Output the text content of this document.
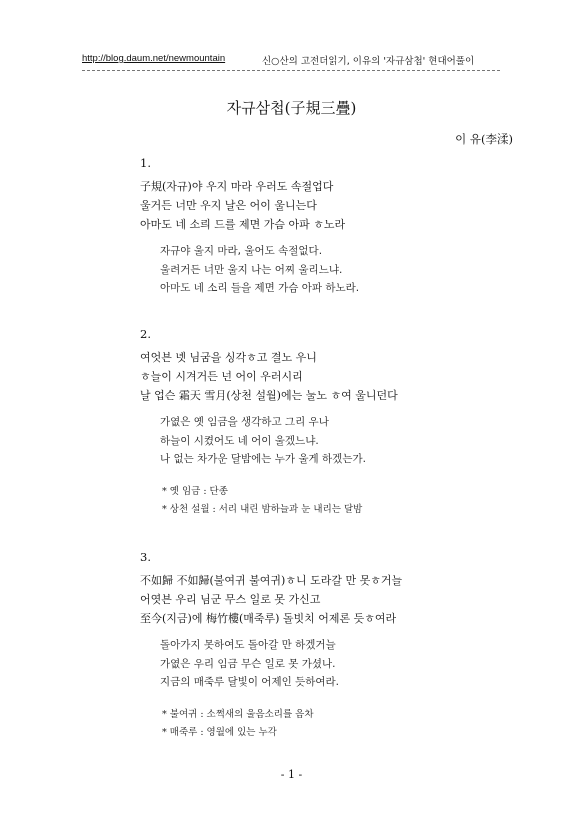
http://blog.daum.net/newmountain	신○산의 고전더읽기, 이유의 '자규삼첩' 현대어풀이
자규삼첩(子規三疊)
이 유(李渘)
1.
子規(자규)야 우지 마라 우러도 속절업다
울거든 너만 우지 날은 어이 울니는다
아마도 네 소릐 드를 제면 가슴 아파 ㅎ노라
자규야 울지 마라, 울어도 속절없다.
울려거든 너만 울지 나는 어찌 울리느냐.
아마도 네 소리 들을 제면 가슴 아파 하노라.
2.
여엇븐 녯 님굼을 싱각ㅎ고 결노 우니
ㅎ늘이 시겨거든 넌 어이 우러시리
날 업슨 霜天 雪月(상천 설월)에는 눌노 ㅎ여 울니던다
가엾은 옛 임금을 생각하고 그리 우나
하늘이 시켰어도 네 어이 울겠느냐.
나 없는 차가운 달밤에는 누가 울게 하겠는가.
* 옛 임금 : 단종
* 상천 설월 : 서리 내린 밤하늘과 눈 내리는 달밤
3.
不如歸 不如歸(불여귀 불여귀)ㅎ니 도라갈 만 못ㅎ거늘
어엿븐 우리 님군 무스 일로 못 가신고
至今(지금)에 梅竹樓(매죽루) 돌빗치 어제론 듯ㅎ여라
돌아가지 못하여도 돌아갈 만 하겠거늘
가엾은 우리 임금 무슨 일로 못 가셨나.
지금의 매죽루 달빛이 어제인 듯하여라.
* 불여귀 : 소쩍새의 울음소리를 음차
* 매죽루 : 영월에 있는 누각
- 1 -
